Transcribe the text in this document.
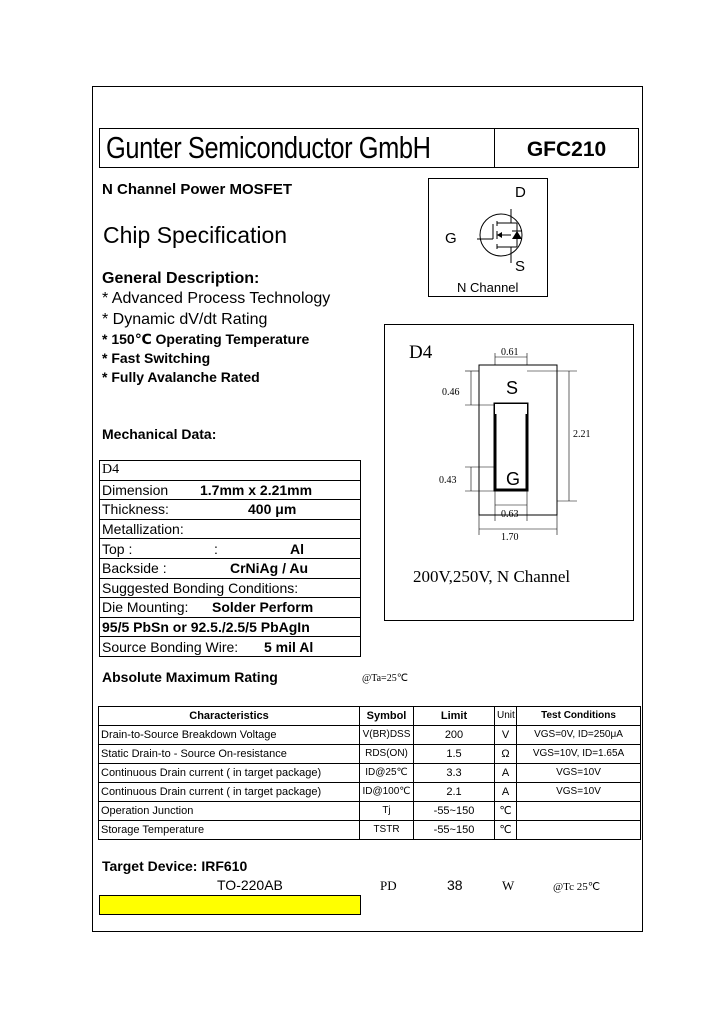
Gunter Semiconductor GmbH	GFC210
N Channel Power MOSFET
Chip Specification
General Description:
* Advanced Process Technology
* Dynamic dV/dt Rating
* 150℃ Operating Temperature
* Fast Switching
* Fully Avalanche Rated
D
G
S
N Channel
D4	0.61
0.46
0.43
2.21
0.63
1.70
S
G
200V,250V, N Channel
Mechanical Data:
D4
Dimension 1.7mm x 2.21mm

Thickness:	400 μm

Metallization:
Top :	:	Al

Backside :	CrNiAg / Au

Suggested Bonding Conditions:
Die Mounting: Solder Perform

95/5 PbSn or 92.5./2.5/5 PbAgIn
Source Bonding Wire: 5 mil Al
Absolute Maximum Rating	@Ta=25℃
Characteristics	Symbol	Limit	Unit	Test Conditions
Drain-to-Source Breakdown Voltage	V(BR)DSS	200	V	VGS=0V, ID=250μA
Static Drain-to - Source On-resistance	RDS(ON)	1.5	Ω	VGS=10V, ID=1.65A
Continuous Drain current ( in target package)	ID@25℃	3.3	A	VGS=10V
Continuous Drain current ( in target package)	ID@100℃	2.1	A	VGS=10V
Operation Junction	Tj	-55~150	℃	
Storage Temperature	TSTR	-55~150	℃	
Target Device: IRF610
TO-220AB	PD	38	W	@Tc 25℃
